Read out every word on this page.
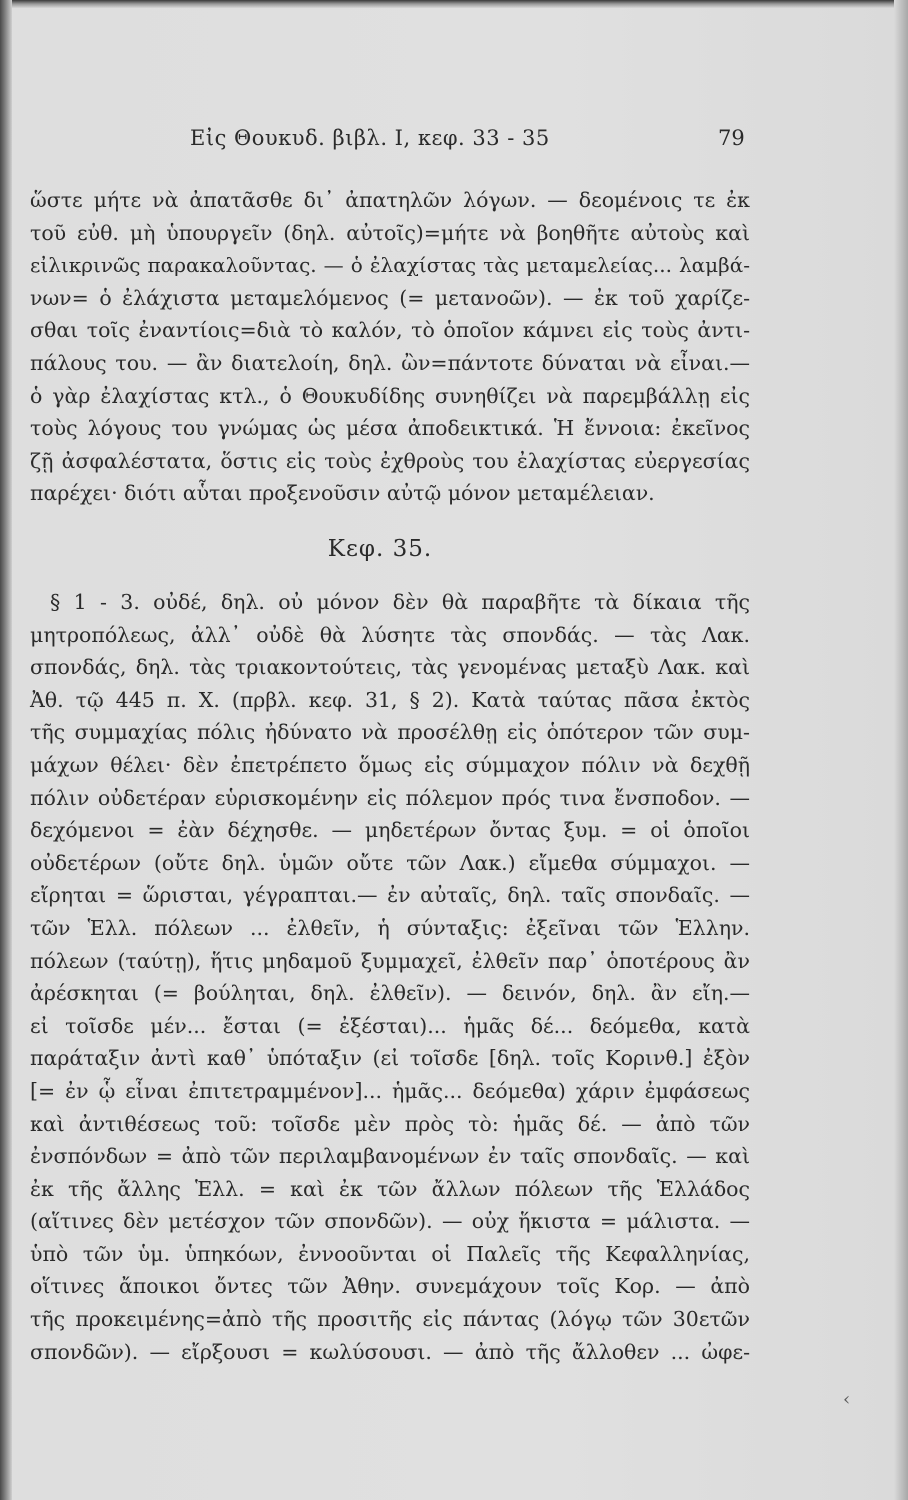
Εἰς Θουκυδ. βιβλ. Ι, κεφ. 33 - 35	79
ὥστε μήτε νὰ ἀπατᾶσθε δι᾿ ἀπατηλῶν λόγων. — δεομένοις τε ἐκ
τοῦ εὐθ. μὴ ὑπουργεῖν (δηλ. αὐτοῖς)=μήτε νὰ βοηθῆτε αὐτοὺς καὶ
εἰλικρινῶς παρακαλοῦντας. — ὁ ἐλαχίστας τὰς μεταμελείας... λαμβά-
νων= ὁ ἐλάχιστα μεταμελόμενος (= μετανοῶν). — ἐκ τοῦ χαρίζε-
σθαι τοῖς ἐναντίοις=διὰ τὸ καλόν, τὸ ὁποῖον κάμνει εἰς τοὺς ἀντι-
πάλους του. — ἂν διατελοίη, δηλ. ὢν=πάντοτε δύναται νὰ εἶναι.—
ὁ γὰρ ἐλαχίστας κτλ., ὁ Θουκυδίδης συνηθίζει νὰ παρεμβάλλῃ εἰς
τοὺς λόγους του γνώμας ὡς μέσα ἀποδεικτικά. Ἡ ἔννοια: ἐκεῖνος
ζῇ ἀσφαλέστατα, ὅστις εἰς τοὺς ἐχθροὺς του ἐλαχίστας εὐεργεσίας
παρέχει· διότι αὗται προξενοῦσιν αὐτῷ μόνον μεταμέλειαν.
Κεφ. 35.
§ 1 - 3. οὐδέ, δηλ. οὐ μόνον δὲν θὰ παραβῆτε τὰ δίκαια τῆς
μητροπόλεως, ἀλλ᾿ οὐδὲ θὰ λύσητε τὰς σπονδάς. — τὰς Λακ.
σπονδάς, δηλ. τὰς τριακοντούτεις, τὰς γενομένας μεταξὺ Λακ. καὶ
Ἀθ. τῷ 445 π. Χ. (πρβλ. κεφ. 31, § 2). Κατὰ ταύτας πᾶσα ἐκτὸς
τῆς συμμαχίας πόλις ἠδύνατο νὰ προσέλθῃ εἰς ὁπότερον τῶν συμ-
μάχων θέλει· δὲν ἐπετρέπετο ὅμως εἰς σύμμαχον πόλιν νὰ δεχθῇ
πόλιν οὐδετέραν εὑρισκομένην εἰς πόλεμον πρός τινα ἔνσποδον. —
δεχόμενοι = ἐὰν δέχησθε. — μηδετέρων ὄντας ξυμ. = οἱ ὁποῖοι
οὐδετέρων (οὔτε δηλ. ὑμῶν οὔτε τῶν Λακ.) εἴμεθα σύμμαχοι. —
εἴρηται = ὥρισται, γέγραπται.— ἐν αὐταῖς, δηλ. ταῖς σπονδαῖς. —
τῶν Ἑλλ. πόλεων ... ἐλθεῖν, ἡ σύνταξις: ἐξεῖναι τῶν Ἑλλην.
πόλεων (ταύτῃ), ἥτις μηδαμοῦ ξυμμαχεῖ, ἐλθεῖν παρ᾿ ὁποτέρους ἂν
ἀρέσκηται (= βούληται, δηλ. ἐλθεῖν). — δεινόν, δηλ. ἂν εἴη.—
εἰ τοῖσδε μέν... ἔσται (= ἐξέσται)... ἡμᾶς δέ... δεόμεθα, κατὰ
παράταξιν ἀντὶ καθ᾿ ὑπόταξιν (εἰ τοῖσδε [δηλ. τοῖς Κορινθ.] ἐξὸν
[= ἐν ᾧ εἶναι ἐπιτετραμμένον]... ἡμᾶς... δεόμεθα) χάριν ἐμφάσεως
καὶ ἀντιθέσεως τοῦ: τοῖσδε μὲν πρὸς τὸ: ἡμᾶς δέ. — ἀπὸ τῶν
ἐνσπόνδων = ἀπὸ τῶν περιλαμβανομένων ἐν ταῖς σπονδαῖς. — καὶ
ἐκ τῆς ἄλλης Ἑλλ. = καὶ ἐκ τῶν ἄλλων πόλεων τῆς Ἑλλάδος
(αἵτινες δὲν μετέσχον τῶν σπονδῶν). — οὐχ ἥκιστα = μάλιστα. —
ὑπὸ τῶν ὑμ. ὑπηκόων, ἐννοοῦνται οἱ Παλεῖς τῆς Κεφαλληνίας,
οἵτινες ἄποικοι ὄντες τῶν Ἀθην. συνεμάχουν τοῖς Κορ. — ἀπὸ
τῆς προκειμένης=ἀπὸ τῆς προσιτῆς εἰς πάντας (λόγῳ τῶν 30ετῶν
σπονδῶν). — εἴρξουσι = κωλύσουσι. — ἀπὸ τῆς ἄλλοθεν ... ὠφε-
‹
